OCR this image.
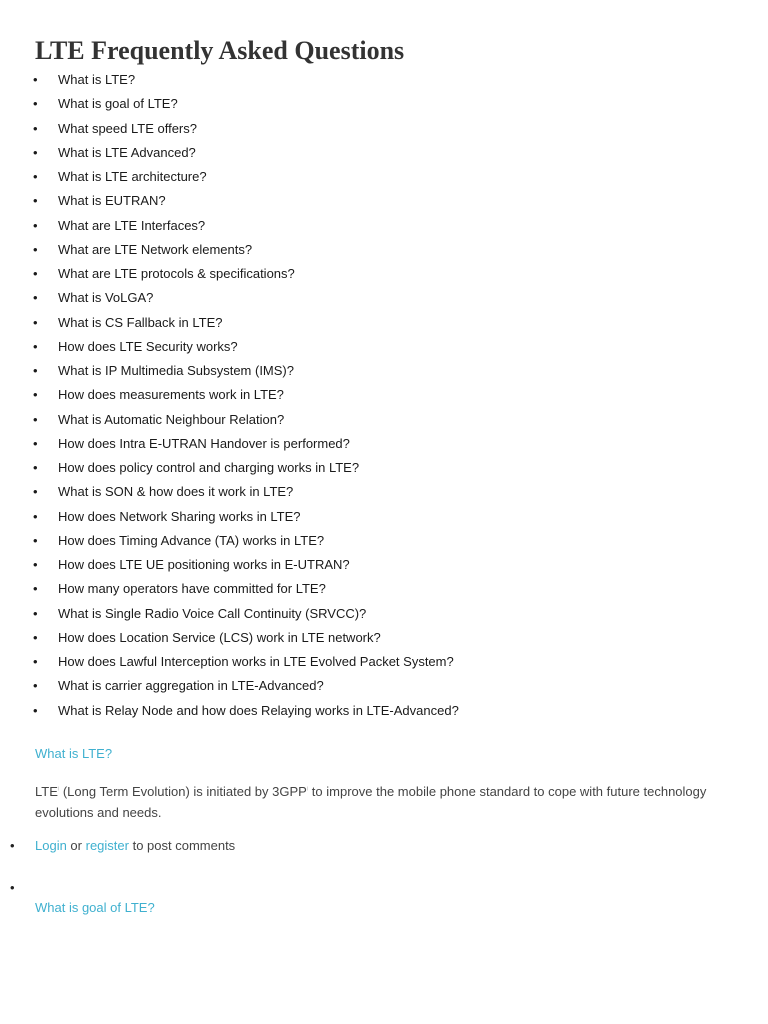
LTE Frequently Asked Questions
• What is LTE?
• What is goal of LTE?
• What speed LTE offers?
• What is LTE Advanced?
• What is LTE architecture?
• What is EUTRAN?
• What are LTE Interfaces?
• What are LTE Network elements?
• What are LTE protocols & specifications?
• What is VoLGA?
• What is CS Fallback in LTE?
• How does LTE Security works?
• What is IP Multimedia Subsystem (IMS)?
• How does measurements work in LTE?
• What is Automatic Neighbour Relation?
• How does Intra E-UTRAN Handover is performed?
• How does policy control and charging works in LTE?
• What is SON & how does it work in LTE?
• How does Network Sharing works in LTE?
• How does Timing Advance (TA) works in LTE?
• How does LTE UE positioning works in E-UTRAN?
• How many operators have committed for LTE?
• What is Single Radio Voice Call Continuity (SRVCC)?
• How does Location Service (LCS) work in LTE network?
• How does Lawful Interception works in LTE Evolved Packet System?
• What is carrier aggregation in LTE-Advanced?
• What is Relay Node and how does Relaying works in LTE-Advanced?
What is LTE?

LTE$^i$ (Long Term Evolution) is initiated by 3GPP$^i$ to improve the mobile phone standard to cope with future technology evolutions and needs.

• Login or register to post comments
•
What is goal of LTE?
